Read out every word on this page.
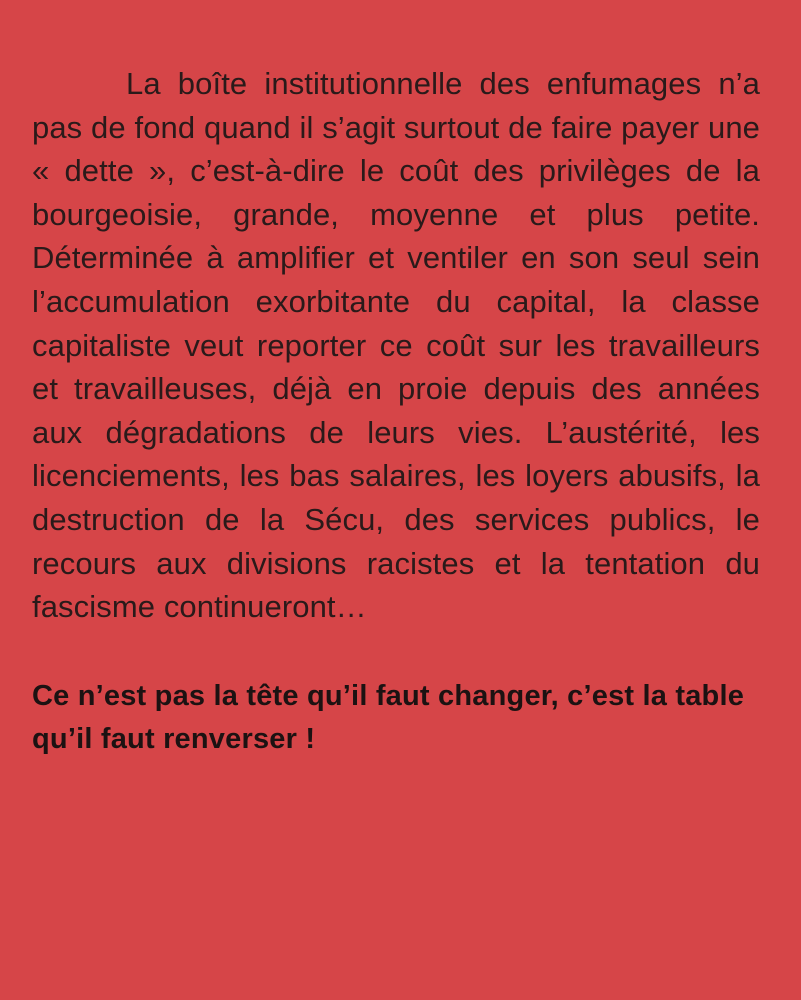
La boîte institutionnelle des enfumages n’a pas de fond quand il s’agit surtout de faire payer une « dette », c’est-à-dire le coût des privilèges de la bourgeoisie, grande, moyenne et plus petite. Déterminée à amplifier et ventiler en son seul sein l’accumulation exorbitante du capital, la classe capitaliste veut reporter ce coût sur les travailleurs et travailleuses, déjà en proie depuis des années aux dégradations de leurs vies. L’austérité, les licenciements, les bas salaires, les loyers abusifs, la destruction de la Sécu, des services publics, le recours aux divisions racistes et la tentation du fascisme continueront…

Ce n’est pas la tête qu’il faut changer, c’est la table qu’il faut renverser !
